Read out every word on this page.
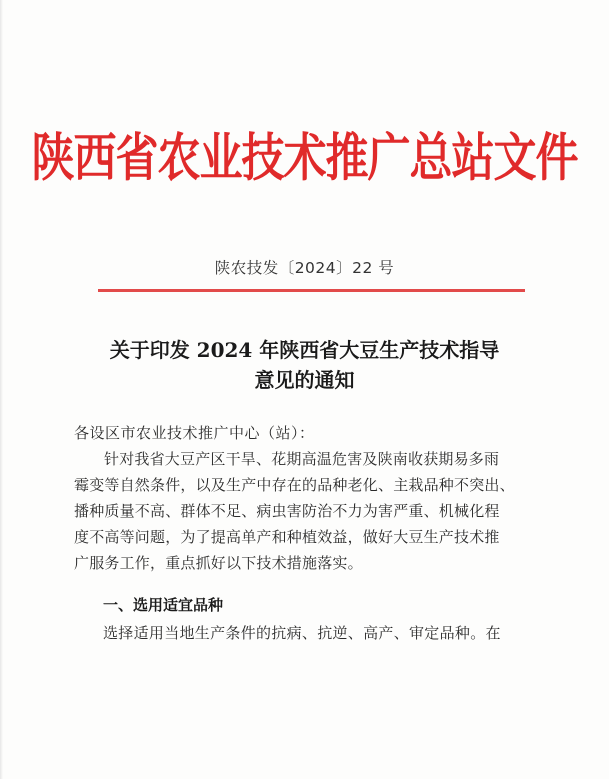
陕西省农业技术推广总站文件
陕农技发〔2024〕22 号
关于印发 2024 年陕西省大豆生产技术指导
意见的通知
各设区市农业技术推广中心（站）：
针对我省大豆产区干旱、花期高温危害及陕南收获期易多雨
霉变等自然条件，以及生产中存在的品种老化、主栽品种不突出、
播种质量不高、群体不足、病虫害防治不力为害严重、机械化程
度不高等问题，为了提高单产和种植效益，做好大豆生产技术推
广服务工作，重点抓好以下技术措施落实。
一、选用适宜品种
选择适用当地生产条件的抗病、抗逆、高产、审定品种。在
